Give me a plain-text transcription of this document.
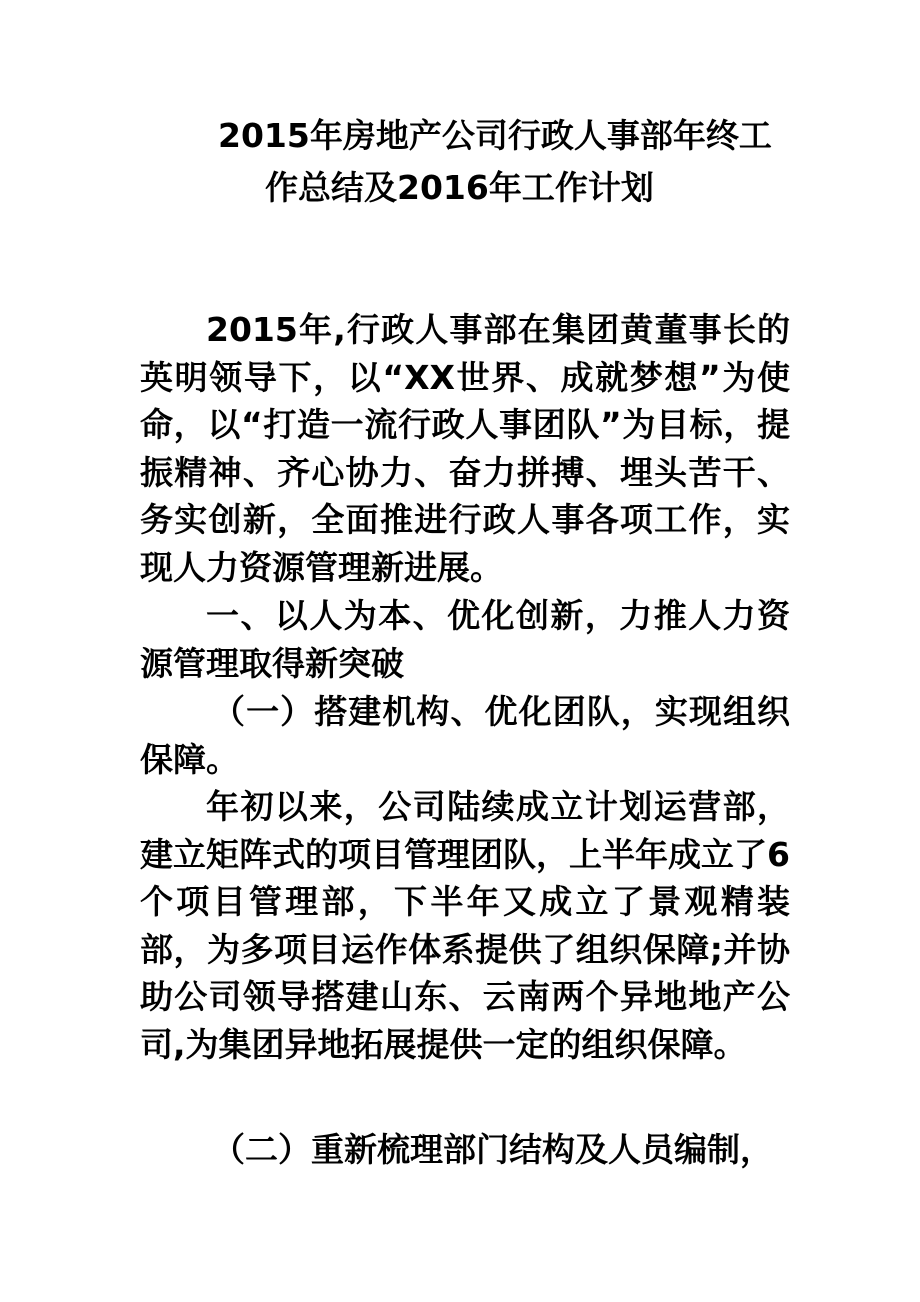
2015年房地产公司行政人事部年终工
作总结及2016年工作计划
2015年,行政人事部在集团黄董事长的英明领导下，以“XX世界、成就梦想”为使命，以“打造一流行政人事团队”为目标，提振精神、齐心协力、奋力拼搏、埋头苦干、务实创新，全面推进行政人事各项工作，实现人力资源管理新进展。
一、以人为本、优化创新，力推人力资源管理取得新突破
（一）搭建机构、优化团队，实现组织保障。
年初以来，公司陆续成立计划运营部，建立矩阵式的项目管理团队，上半年成立了6个项目管理部，下半年又成立了景观精装部，为多项目运作体系提供了组织保障;并协助公司领导搭建山东、云南两个异地地产公司,为集团异地拓展提供一定的组织保障。
（二）重新梳理部门结构及人员编制，
